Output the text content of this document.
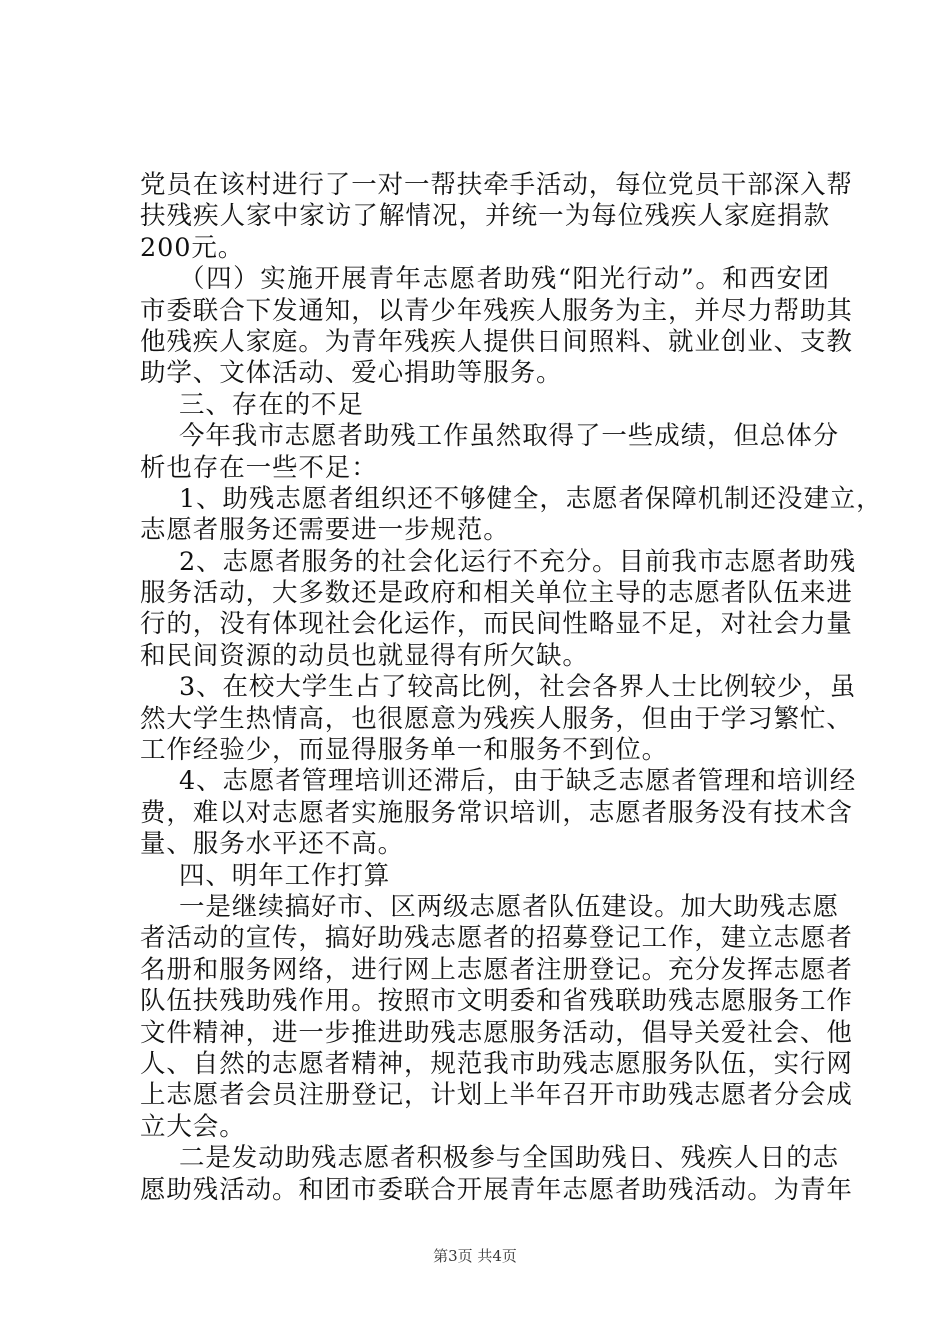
党员在该村进行了一对一帮扶牵手活动，每位党员干部深入帮
扶残疾人家中家访了解情况，并统一为每位残疾人家庭捐款
200元。
（四）实施开展青年志愿者助残“阳光行动”。和西安团
市委联合下发通知，以青少年残疾人服务为主，并尽力帮助其
他残疾人家庭。为青年残疾人提供日间照料、就业创业、支教
助学、文体活动、爱心捐助等服务。
三、存在的不足
今年我市志愿者助残工作虽然取得了一些成绩，但总体分
析也存在一些不足：
1、助残志愿者组织还不够健全，志愿者保障机制还没建立，
志愿者服务还需要进一步规范。
2、志愿者服务的社会化运行不充分。目前我市志愿者助残
服务活动，大多数还是政府和相关单位主导的志愿者队伍来进
行的，没有体现社会化运作，而民间性略显不足，对社会力量
和民间资源的动员也就显得有所欠缺。
3、在校大学生占了较高比例，社会各界人士比例较少，虽
然大学生热情高，也很愿意为残疾人服务，但由于学习繁忙、
工作经验少，而显得服务单一和服务不到位。
4、志愿者管理培训还滞后，由于缺乏志愿者管理和培训经
费，难以对志愿者实施服务常识培训，志愿者服务没有技术含
量、服务水平还不高。
四、明年工作打算
一是继续搞好市、区两级志愿者队伍建设。加大助残志愿
者活动的宣传，搞好助残志愿者的招募登记工作，建立志愿者
名册和服务网络，进行网上志愿者注册登记。充分发挥志愿者
队伍扶残助残作用。按照市文明委和省残联助残志愿服务工作
文件精神，进一步推进助残志愿服务活动，倡导关爱社会、他
人、自然的志愿者精神，规范我市助残志愿服务队伍，实行网
上志愿者会员注册登记，计划上半年召开市助残志愿者分会成
立大会。
二是发动助残志愿者积极参与全国助残日、残疾人日的志
愿助残活动。和团市委联合开展青年志愿者助残活动。为青年
第3页 共4页
